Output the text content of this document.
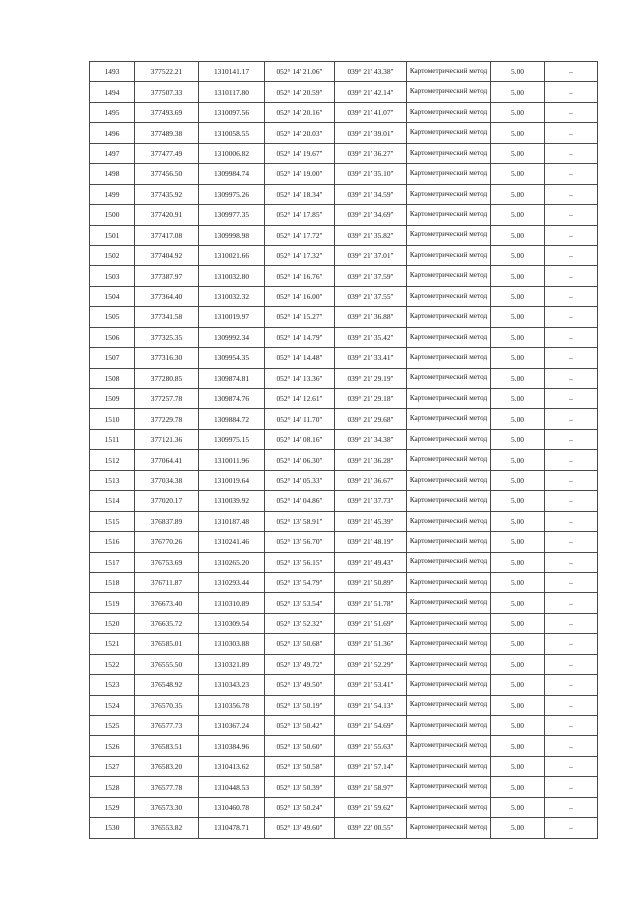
1493	377522.21	1310141.17	052° 14' 21.06"	039° 21' 43.38"	Картометрический метод	5.00	–
1494	377507.33	1310117.80	052° 14' 20.59"	039° 21' 42.14"	Картометрический метод	5.00	–
1495	377493.69	1310097.56	052° 14' 20.16"	039° 21' 41.07"	Картометрический метод	5.00	–
1496	377489.38	1310058.55	052° 14' 20.03"	039° 21' 39.01"	Картометрический метод	5.00	–
1497	377477.49	1310006.82	052° 14' 19.67"	039° 21' 36.27"	Картометрический метод	5.00	–
1498	377456.50	1309984.74	052° 14' 19.00"	039° 21' 35.10"	Картометрический метод	5.00	–
1499	377435.92	1309975.26	052° 14' 18.34"	039° 21' 34.59"	Картометрический метод	5.00	–
1500	377420.91	1309977.35	052° 14' 17.85"	039° 21' 34.69"	Картометрический метод	5.00	–
1501	377417.08	1309998.98	052° 14' 17.72"	039° 21' 35.82"	Картометрический метод	5.00	–
1502	377404.92	1310021.66	052° 14' 17.32"	039° 21' 37.01"	Картометрический метод	5.00	–
1503	377387.97	1310032.80	052° 14' 16.76"	039° 21' 37.59"	Картометрический метод	5.00	–
1504	377364.40	1310032.32	052° 14' 16.00"	039° 21' 37.55"	Картометрический метод	5.00	–
1505	377341.58	1310019.97	052° 14' 15.27"	039° 21' 36.88"	Картометрический метод	5.00	–
1506	377325.35	1309992.34	052° 14' 14.79"	039° 21' 35.42"	Картометрический метод	5.00	–
1507	377316.30	1309954.35	052° 14' 14.48"	039° 21' 33.41"	Картометрический метод	5.00	–
1508	377280.85	1309874.81	052° 14' 13.36"	039° 21' 29.19"	Картометрический метод	5.00	–
1509	377257.78	1309874.76	052° 14' 12.61"	039° 21' 29.18"	Картометрический метод	5.00	–
1510	377229.78	1309884.72	052° 14' 11.70"	039° 21' 29.68"	Картометрический метод	5.00	–
1511	377121.36	1309975.15	052° 14' 08.16"	039° 21' 34.38"	Картометрический метод	5.00	–
1512	377064.41	1310011.96	052° 14' 06.30"	039° 21' 36.28"	Картометрический метод	5.00	–
1513	377034.38	1310019.64	052° 14' 05.33"	039° 21' 36.67"	Картометрический метод	5.00	–
1514	377020.17	1310039.92	052° 14' 04.86"	039° 21' 37.73"	Картометрический метод	5.00	–
1515	376837.89	1310187.48	052° 13' 58.91"	039° 21' 45.39"	Картометрический метод	5.00	–
1516	376770.26	1310241.46	052° 13' 56.70"	039° 21' 48.19"	Картометрический метод	5.00	–
1517	376753.69	1310265.20	052° 13' 56.15"	039° 21' 49.43"	Картометрический метод	5.00	–
1518	376711.87	1310293.44	052° 13' 54.79"	039° 21' 50.89"	Картометрический метод	5.00	–
1519	376673.40	1310310.89	052° 13' 53.54"	039° 21' 51.78"	Картометрический метод	5.00	–
1520	376635.72	1310309.54	052° 13' 52.32"	039° 21' 51.69"	Картометрический метод	5.00	–
1521	376585.01	1310303.88	052° 13' 50.68"	039° 21' 51.36"	Картометрический метод	5.00	–
1522	376555.50	1310321.89	052° 13' 49.72"	039° 21' 52.29"	Картометрический метод	5.00	–
1523	376548.92	1310343.23	052° 13' 49.50"	039° 21' 53.41"	Картометрический метод	5.00	–
1524	376570.35	1310356.78	052° 13' 50.19"	039° 21' 54.13"	Картометрический метод	5.00	–
1525	376577.73	1310367.24	052° 13' 50.42"	039° 21' 54.69"	Картометрический метод	5.00	–
1526	376583.51	1310384.96	052° 13' 50.60"	039° 21' 55.63"	Картометрический метод	5.00	–
1527	376583.20	1310413.62	052° 13' 50.58"	039° 21' 57.14"	Картометрический метод	5.00	–
1528	376577.78	1310448.53	052° 13' 50.39"	039° 21' 58.97"	Картометрический метод	5.00	–
1529	376573.30	1310460.78	052° 13' 50.24"	039° 21' 59.62"	Картометрический метод	5.00	–
1530	376553.82	1310478.71	052° 13' 49.60"	039° 22' 00.55"	Картометрический метод	5.00	–
